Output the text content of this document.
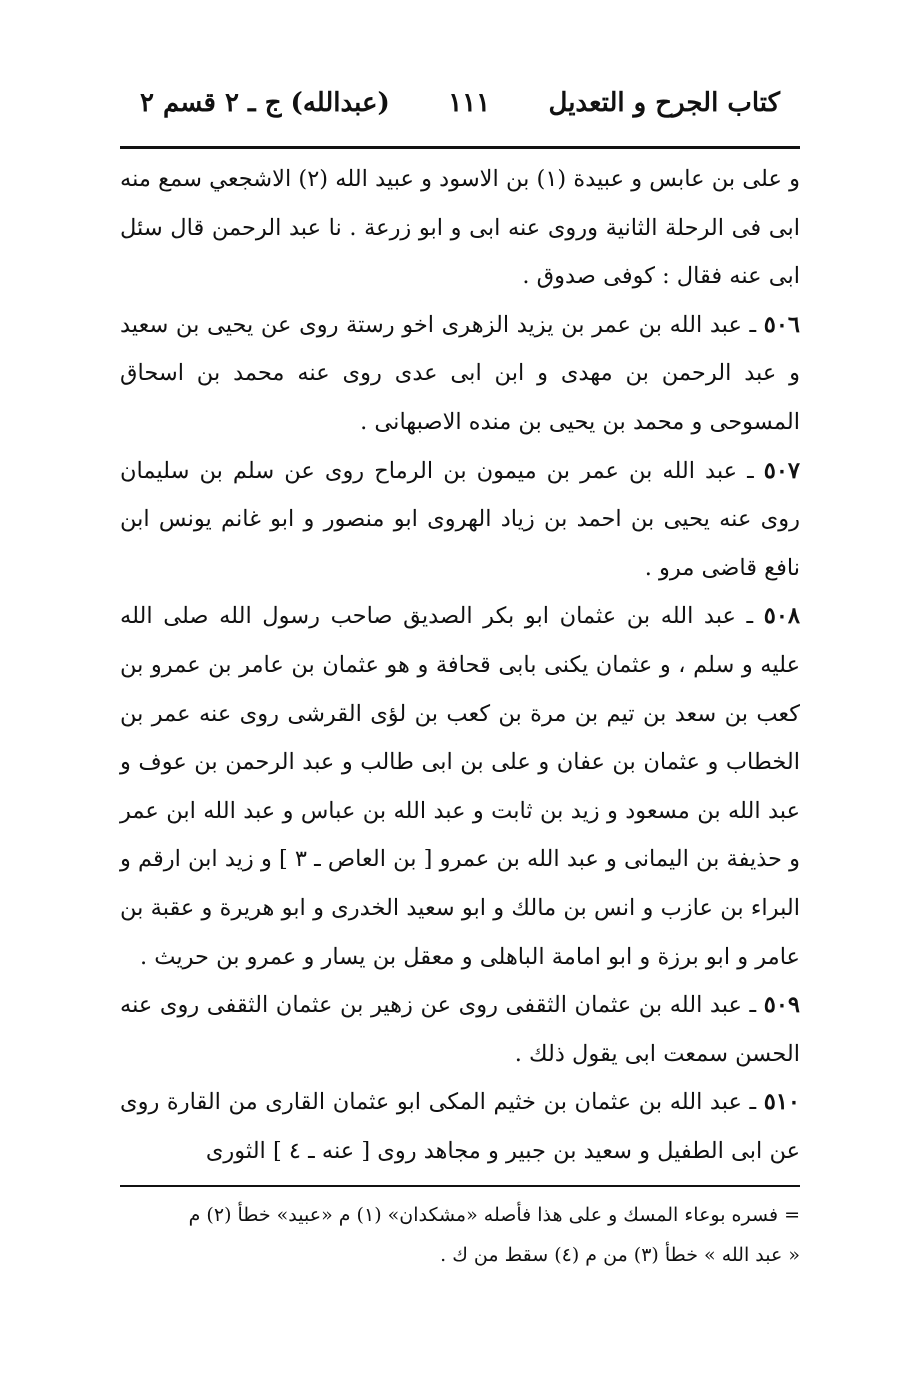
كتاب الجرح و التعديل
١١١
(عبدالله) ج ـ ٢ قسم ٢

و على بن عابس و عبيدة (١) بن الاسود و عبيد الله (٢) الاشجعي سمع منه ابى فى الرحلة الثانية وروى عنه ابى و ابو زرعة . نا عبد الرحمن قال سئل ابى عنه فقال : كوفى صدوق .

٥٠٦ ـ عبد الله بن عمر بن يزيد الزهرى اخو رستة روى عن يحيى بن سعيد و عبد الرحمن بن مهدى و ابن ابى عدى روى عنه محمد بن اسحاق المسوحى و محمد بن يحيى بن منده الاصبهانى .

٥٠٧ ـ عبد الله بن عمر بن ميمون بن الرماح روى عن سلم بن سليمان روى عنه يحيى بن احمد بن زياد الهروى ابو منصور و ابو غانم يونس ابن نافع قاضى مرو .

٥٠٨ ـ عبد الله بن عثمان ابو بكر الصديق صاحب رسول الله صلى الله عليه و سلم ، و عثمان يكنى بابى قحافة و هو عثمان بن عامر بن عمرو بن كعب بن سعد بن تيم بن مرة بن كعب بن لؤى القرشى روى عنه عمر بن الخطاب و عثمان بن عفان و على بن ابى طالب و عبد الرحمن بن عوف و عبد الله بن مسعود و زيد بن ثابت و عبد الله بن عباس و عبد الله ابن عمر و حذيفة بن اليمانى و عبد الله بن عمرو [ بن العاص ـ ٣ ] و زيد ابن ارقم و البراء بن عازب و انس بن مالك و ابو سعيد الخدرى و ابو هريرة و عقبة بن عامر و ابو برزة و ابو امامة الباهلى و معقل بن يسار و عمرو بن حريث .

٥٠٩ ـ عبد الله بن عثمان الثقفى روى عن زهير بن عثمان الثقفى روى عنه الحسن سمعت ابى يقول ذلك .

٥١٠ ـ عبد الله بن عثمان بن خثيم المكى ابو عثمان القارى من القارة روى عن ابى الطفيل و سعيد بن جبير و مجاهد روى [ عنه ـ ٤ ] الثورى

= فسره بوعاء المسك و على هذا فأصله «مشكدان» (١) م «عبيد» خطأ (٢) م
« عبد الله » خطأ (٣) من م (٤) سقط من ك .
